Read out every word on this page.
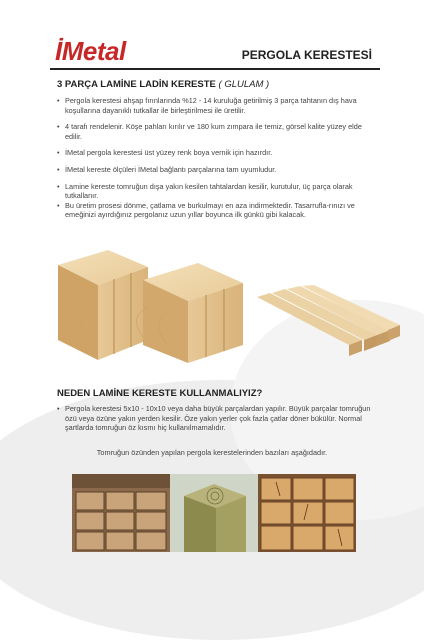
İMetal	PERGOLA KERESTESİ
3 PARÇA LAMİNE LADİN KERESTE ( GLULAM )
• Pergola kerestesi ahşap fırınlarında %12 - 14 kuruluğa getirilmiş 3 parça tahtanın dış hava koşullarına dayanıklı tutkallar ile birleştirilmesi ile üretilir.
• 4 tarafı rendelenir. Köşe pahları kırılır ve 180 kum zımpara ile temiz, görsel kalite yüzey elde edilir.
• İMetal pergola kerestesi üst yüzey renk boya vernik için hazırdır.
• İMetal kereste ölçüleri İMetal bağlantı parçalarına tam uyumludur.
• Lamine kereste tomruğun dışa yakın kesilen tahtalardan kesilir, kurutulur, üç parça olarak tutkallanır.
• Bu üretim prosesi dönme, çatlama ve burkulmayı en aza indirmektedir. Tasarrufla-rınızı ve emeğinizi ayırdığınız pergolanız uzun yıllar boyunca ilk günkü gibi kalacak.
NEDEN LAMİNE KERESTE KULLANMALIYIZ?
• Pergola kerestesi 5x10 - 10x10 veya daha büyük parçalardan yapılır. Büyük parçalar tomruğun özü veya özüne yakın yerden kesilir. Öze yakın yerler çok fazla çatlar döner bükülür. Normal şartlarda tomruğun öz kısmı hiç kullanılmamalıdır.
Tomruğun özünden yapılan pergola kerestelerinden bazıları aşağıdadır.
